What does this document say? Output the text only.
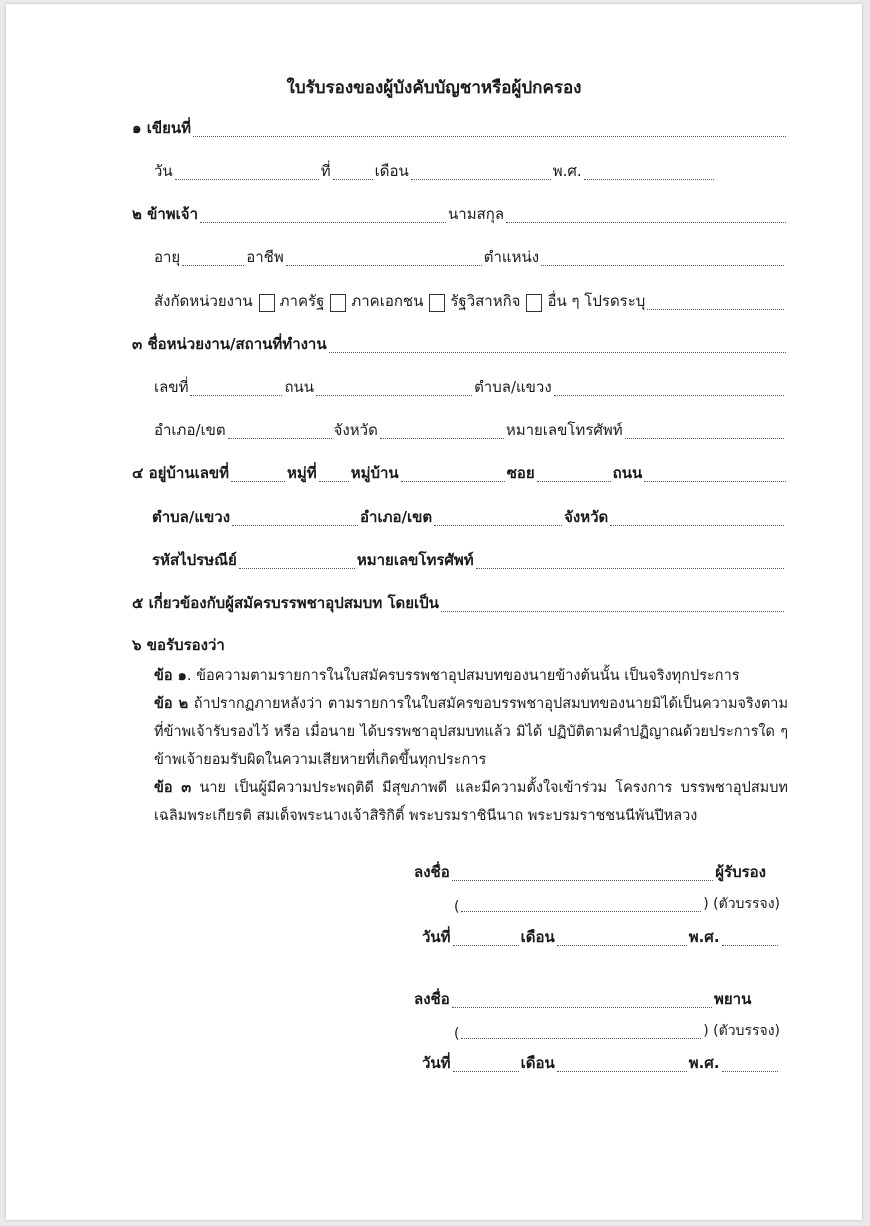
ใบรับรองของผู้บังคับบัญชาหรือผู้ปกครอง
๑ เขียนที่
วัน	ที่	เดือน	พ.ศ.
๒ ข้าพเจ้า	นามสกุล
อายุ	อาชีพ	ตำแหน่ง
สังกัดหน่วยงาน ภาครัฐ ภาคเอกชน รัฐวิสาหกิจ อื่น ๆ โปรดระบุ
๓ ชื่อหน่วยงาน/สถานที่ทำงาน
เลขที่	ถนน	ตำบล/แขวง
อำเภอ/เขต	จังหวัด	หมายเลขโทรศัพท์
๔ อยู่บ้านเลขที่	หมู่ที่ หมู่บ้าน	ซอย	ถนน
ตำบล/แขวง	อำเภอ/เขต	จังหวัด
รหัสไปรษณีย์	หมายเลขโทรศัพท์
๕ เกี่ยวข้องกับผู้สมัครบรรพชาอุปสมบท โดยเป็น
๖ ขอรับรองว่า
ข้อ ๑. ข้อความตามรายการในใบสมัครบรรพชาอุปสมบทของนายข้างต้นนั้น เป็นจริงทุกประการ
ข้อ ๒ ถ้าปรากฏภายหลังว่า ตามรายการในใบสมัครขอบรรพชาอุปสมบทของนายมิได้เป็นความจริงตามที่ข้าพเจ้ารับรองไว้ หรือ เมื่อนาย ได้บรรพชาอุปสมบทแล้ว มิได้ ปฏิบัติตามคำปฏิญาณด้วยประการใด ๆ ข้าพเจ้ายอมรับผิดในความเสียหายที่เกิดขึ้นทุกประการ
ข้อ ๓ นาย เป็นผู้มีความประพฤติดี มีสุขภาพดี และมีความตั้งใจเข้าร่วม โครงการ บรรพชาอุปสมบทเฉลิมพระเกียรติ สมเด็จพระนางเจ้าสิริกิติ์ พระบรมราชินีนาถ พระบรมราชชนนีพันปีหลวง
ลงชื่อ	ผู้รับรอง
(	) (ตัวบรรจง)
วันที่	เดือน	พ.ศ.
ลงชื่อ	พยาน
(	) (ตัวบรรจง)
วันที่	เดือน	พ.ศ.
